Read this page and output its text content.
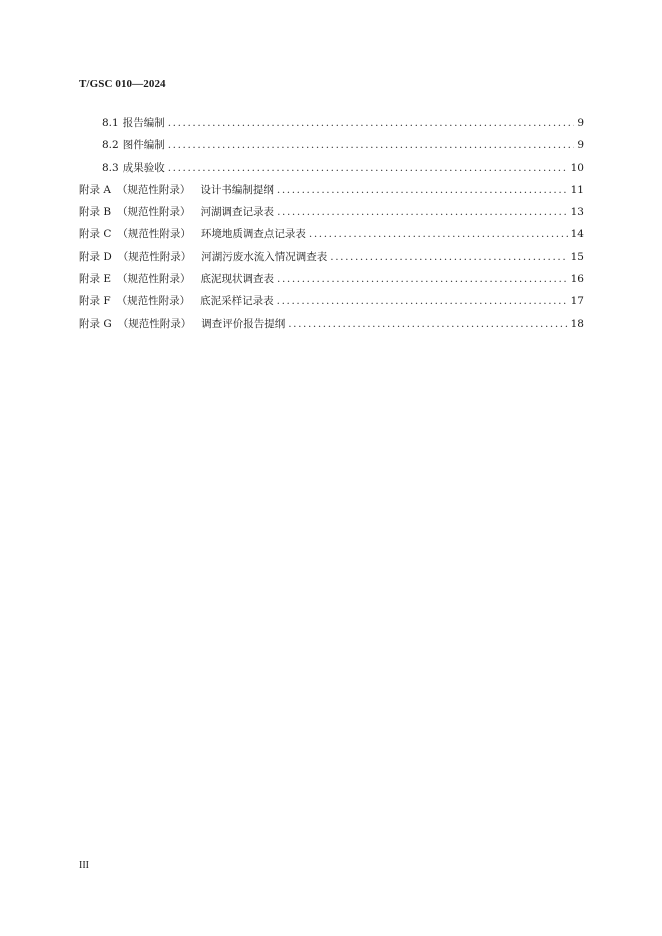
T/GSC 010—2024
8.1 报告编制 .....	9
8.2 图件编制 .....	9
8.3 成果验收 .....	10
附录 A （规范性附录） 设计书编制提纲 .....	11
附录 B （规范性附录） 河湖调查记录表 .....	13
附录 C （规范性附录） 环境地质调查点记录表 .....	14
附录 D （规范性附录） 河湖污废水流入情况调查表 .....	15
附录 E （规范性附录） 底泥现状调查表 .....	16
附录 F （规范性附录） 底泥采样记录表 .....	17
附录 G （规范性附录） 调查评价报告提纲 .....	18
III
